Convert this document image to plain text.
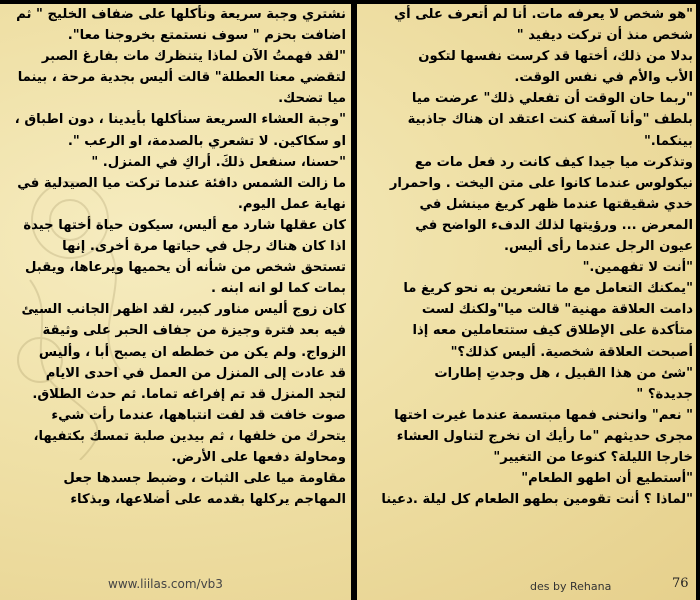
"هو شخص لا يعرفه مات. أنا لم أتعرف على أي
شخص منذ أن تركت ديفيد "
بدلا من ذلك، أختها قد كرست نفسها لتكون
الأب والأم في نفس الوقت.
"ربما حان الوقت أن تفعلي ذلك" عرضت ميا
بلطف "وأنا آسفة كنت اعتقد ان هناك جاذبية
بينكما."
وتذكرت ميا جيدا كيف كانت رد فعل مات مع
نيكولوس عندما كانوا على متن اليخت . واحمرار
خدي شقيقتها عندما ظهر كريغ مينشل في
المعرض ... ورؤيتها لذلك الدفء الواضح في
عيون الرجل عندما رأى أليس.
"أنت لا تفهمين."
"يمكنك التعامل مع ما تشعرين به نحو كريغ ما
دامت العلاقة مهنية" قالت ميا"ولكنك لست
متأكدة على الإطلاق كيف ستتعاملين معه إذا
أصبحت العلاقة شخصية. أليس كذلك؟"
"شئ من هذا القبيل ، هل وجدتِ إطارات
جديدة؟ "
" نعم" وانحنى فمها مبتسمة عندما غيرت اختها
مجرى حديثهم "ما رأيك ان نخرج لتناول العشاء
خارجا الليلة؟ كنوعا من التغيير"
"أستطيع أن اطهو الطعام"
"لماذا ؟ أنت تقومين بطهو الطعام كل ليلة .دعينا
نشتري وجبة سريعة ونأكلها على ضفاف الخليج " ثم
اضافت بحزم " سوف نستمتع بخروجنا معا".
"لقد فهمتُ الآن لماذا يتنظرك مات بفارغ الصبر
لتقضي معنا العطلة" قالت أليس بجدية مرحة ، بينما
ميا تضحك.
"وجبة العشاء السريعة سنأكلها بأيدينا ، دون اطباق ،
او سكاكين. لا تشعري بالصدمة، او الرعب ".
"حسنا، سنفعل ذلكَ. أراكِ في المنزل. "
ما زالت الشمس دافئة عندما تركت ميا الصيدلية في
نهاية عمل اليوم.
كان عقلها شارد مع أليس، سيكون حياة أختها جيدة
اذا كان هناك رجل في حياتها مرة أخرى. إنها
تستحق شخص من شأنه أن يحميها ويرعاها، ويقبل
بمات كما لو انه ابنه .
كان زوج أليس مناور كبير، لقد اظهر الجانب السيئ
فيه بعد فترة وجيزة من جفاف الحبر على وثيقة
الزواج. ولم يكن من خططه ان يصبح أبا ، وأليس
قد عادت إلى المنزل من العمل في احدى الايام
لتجد المنزل قد تم إفراغه تماما. ثم حدث الطلاق.
صوت خافت قد لفت انتباهها، عندما رأت شيء
يتحرك من خلفها ، ثم بيدين صلبة تمسك بكتفيها،
ومحاولة دفعها على الأرض.
مقاومة ميا على الثبات ، وضبط جسدها جعل
المهاجم يركلها بقدمه على أضلاعها، وبذكاء
www.liilas.com/vb3	des by Rehana	76
